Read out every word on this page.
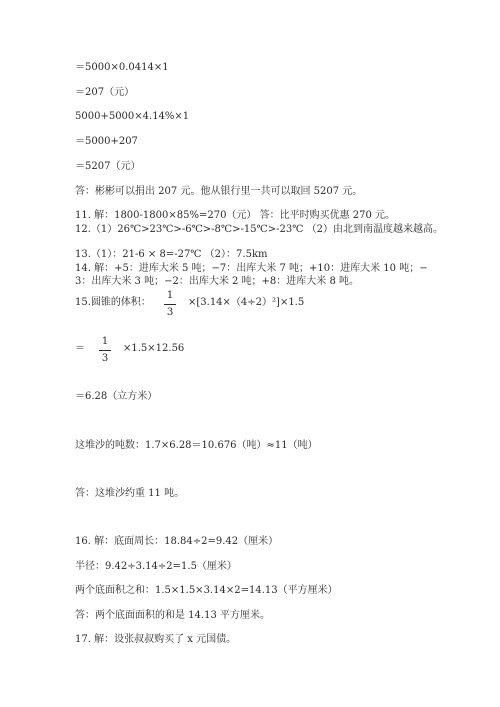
＝5000×0.0414×1
＝207（元）
5000+5000×4.14%×1
＝5000+207
＝5207（元）
答：彬彬可以捐出 207 元。他从银行里一共可以取回 5207 元。
11. 解：1800-1800×85%=270（元） 答：比平时购买优惠 270 元。
12.（1）26℃>23℃>-6℃>-8℃>-15℃>-23℃ （2）由北到南温度越来越高。
13.（1）：21-6 × 8=-27℃ （2）：7.5km
14. 解：+5：进库大米 5 吨；−7：出库大米 7 吨；+10：进库大米 10 吨；−
3：出库大米 3 吨；−2：出库大米 2 吨；+8：进库大米 8 吨。
15.圆锥的体积：
1
3
×[3.14×（4÷2）²]×1.5
＝
1
3
×1.5×12.56
＝6.28（立方米）
这堆沙的吨数：1.7×6.28＝10.676（吨）≈11（吨）
答：这堆沙约重 11 吨。
16. 解：底面周长：18.84÷2=9.42（厘米）
半径：9.42÷3.14÷2=1.5（厘米）
两个底面积之和：1.5×1.5×3.14×2=14.13（平方厘米）
答：两个底面面积的和是 14.13 平方厘米。
17. 解：设张叔叔购买了 x 元国债。
